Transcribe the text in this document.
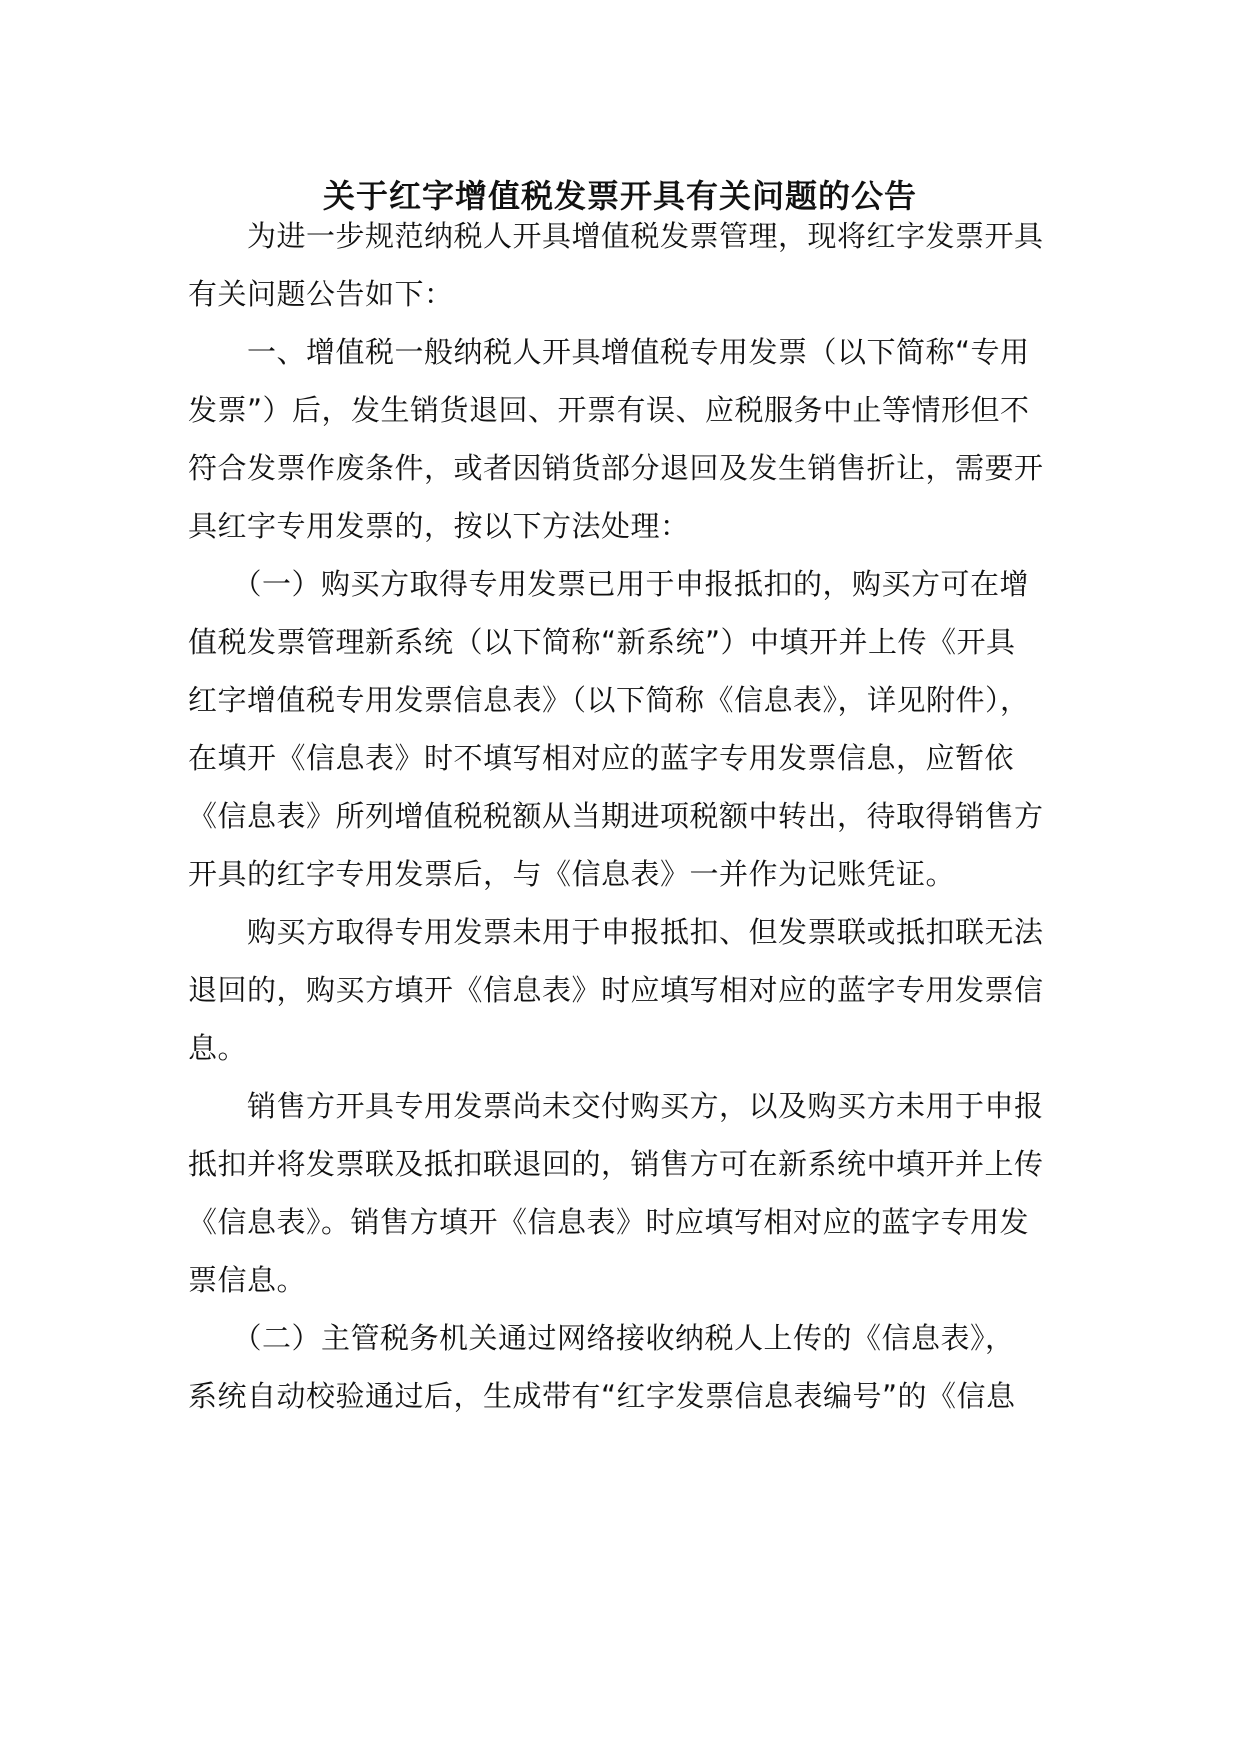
关于红字增值税发票开具有关问题的公告
　　为进一步规范纳税人开具增值税发票管理，现将红字发票开具
有关问题公告如下：
　　一、增值税一般纳税人开具增值税专用发票（以下简称“专用
发票”）后，发生销货退回、开票有误、应税服务中止等情形但不
符合发票作废条件，或者因销货部分退回及发生销售折让，需要开
具红字专用发票的，按以下方法处理：
　　（一）购买方取得专用发票已用于申报抵扣的，购买方可在增
值税发票管理新系统（以下简称“新系统”）中填开并上传《开具
红字增值税专用发票信息表》（以下简称《信息表》，详见附件），
在填开《信息表》时不填写相对应的蓝字专用发票信息，应暂依
《信息表》所列增值税税额从当期进项税额中转出，待取得销售方
开具的红字专用发票后，与《信息表》一并作为记账凭证。
　　购买方取得专用发票未用于申报抵扣、但发票联或抵扣联无法
退回的，购买方填开《信息表》时应填写相对应的蓝字专用发票信
息。
　　销售方开具专用发票尚未交付购买方，以及购买方未用于申报
抵扣并将发票联及抵扣联退回的，销售方可在新系统中填开并上传
《信息表》。销售方填开《信息表》时应填写相对应的蓝字专用发
票信息。
　　（二）主管税务机关通过网络接收纳税人上传的《信息表》，
系统自动校验通过后，生成带有“红字发票信息表编号”的《信息
